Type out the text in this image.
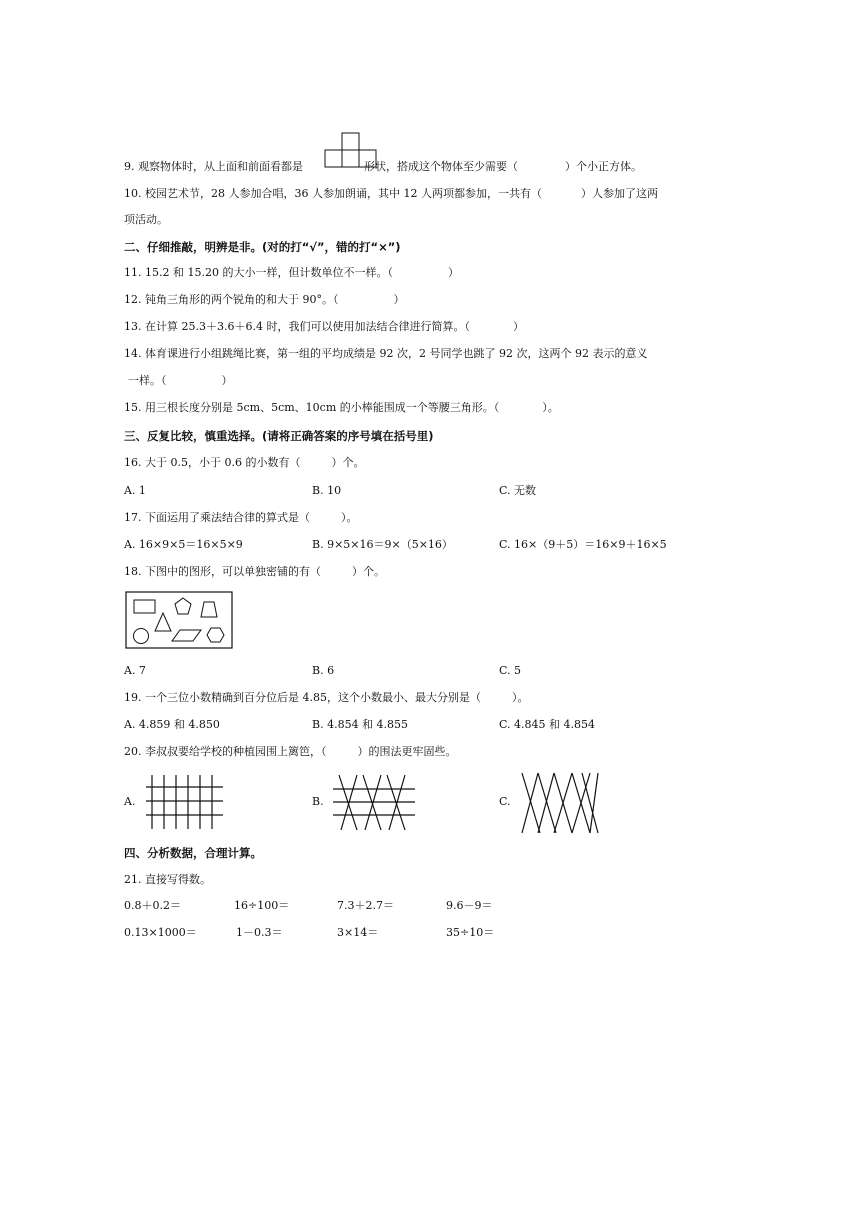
9. 观察物体时，从上面和前面看都是	形状，搭成这个物体至少需要（	）个小正方体。
10. 校园艺术节，28 人参加合唱，36 人参加朗诵，其中 12 人两项都参加，一共有（	）人参加了这两
项活动。
二、仔细推敲，明辨是非。(对的打“√”，错的打“×”)
11. 15.2 和 15.20 的大小一样，但计数单位不一样。（	）
12. 钝角三角形的两个锐角的和大于 90°。（	）
13. 在计算 25.3＋3.6＋6.4 时，我们可以使用加法结合律进行简算。（	）
14. 体育课进行小组跳绳比赛，第一组的平均成绩是 92 次，2 号同学也跳了 92 次，这两个 92 表示的意义
一样。（	）
15. 用三根长度分别是 5cm、5cm、10cm 的小棒能围成一个等腰三角形。（	）。
三、反复比较，慎重选择。(请将正确答案的序号填在括号里)
16. 大于 0.5，小于 0.6 的小数有（	）个。
A. 1	B. 10	C. 无数
17. 下面运用了乘法结合律的算式是（	）。
A. 16×9×5＝16×5×9	B. 9×5×16＝9×（5×16）	C. 16×（9＋5）＝16×9＋16×5
18. 下图中的图形，可以单独密铺的有（	）个。
A. 7	B. 6	C. 5
19. 一个三位小数精确到百分位后是 4.85，这个小数最小、最大分别是（	）。
A. 4.859 和 4.850	B. 4.854 和 4.855	C. 4.845 和 4.854
20. 李叔叔要给学校的种植园围上篱笆，（	）的围法更牢固些。
A.	B.	C.
四、分析数据，合理计算。
21. 直接写得数。
0.8＋0.2＝	16÷100＝	7.3＋2.7＝	9.6－9＝
0.13×1000＝	1－0.3＝	3×14＝	35÷10＝
